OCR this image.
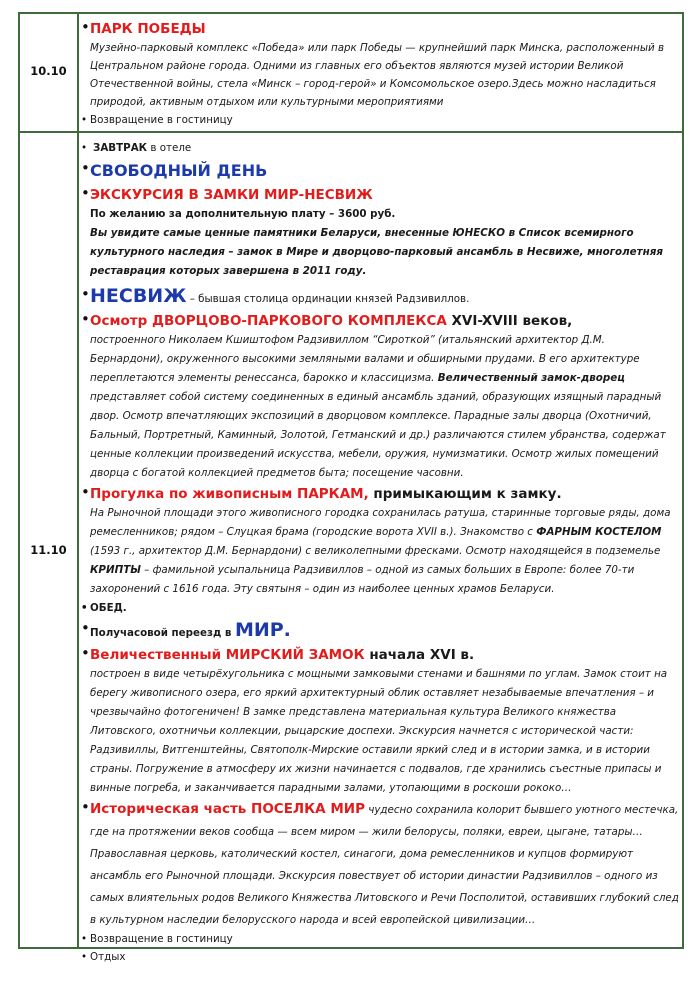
10.10
• ПАРК ПОБЕДЫ
Музейно-парковый комплекс «Победа» или парк Победы — крупнейший парк Минска, расположенный в Центральном районе города. Одними из главных его объектов являются музей истории Великой Отечественной войны, стела «Минск – город-герой» и Комсомольское озеро.Здесь можно насладиться природой, активным отдыхом или культурными мероприятиями
• Возвращение в гостиницу
11.10
• ЗАВТРАК в отеле
• СВОБОДНЫЙ ДЕНЬ
• ЭКСКУРСИЯ В ЗАМКИ МИР-НЕСВИЖ
По желанию за дополнительную плату – 3600 руб.
Вы увидите самые ценные памятники Беларуси, внесенные ЮНЕСКО в Список всемирного культурного наследия – замок в Мире и дворцово-парковый ансамбль в Несвиже, многолетняя реставрация которых завершена в 2011 году.
• НЕСВИЖ – бывшая столица ординации князей Радзивиллов.
• Осмотр ДВОРЦОВО-ПАРКОВОГО КОМПЛЕКСА XVI-XVIII веков,
построенного Николаем Кшиштофом Радзивиллом “Сироткой” (итальянский архитектор Д.М. Бернардони), окруженного высокими земляными валами и обширными прудами. В его архитектуре переплетаются элементы ренессанса, барокко и классицизма. Величественный замок-дворец представляет собой систему соединенных в единый ансамбль зданий, образующих изящный парадный двор. Осмотр впечатляющих экспозиций в дворцовом комплексе. Парадные залы дворца (Охотничий, Бальный, Портретный, Каминный, Золотой, Гетманский и др.) различаются стилем убранства, содержат ценные коллекции произведений искусства, мебели, оружия, нумизматики. Осмотр жилых помещений дворца с богатой коллекцией предметов быта; посещение часовни.
• Прогулка по живописным ПАРКАМ, примыкающим к замку.
На Рыночной площади этого живописного городка сохранилась ратуша, старинные торговые ряды, дома ремесленников; рядом – Слуцкая брама (городские ворота XVII в.). Знакомство с ФАРНЫМ КОСТЕЛОМ (1593 г., архитектор Д.М. Бернардони) с великолепными фресками. Осмотр находящейся в подземелье КРИПТЫ – фамильной усыпальница Радзивиллов – одной из самых больших в Европе: более 70-ти захоронений с 1616 года. Эту святыня – один из наиболее ценных храмов Беларуси.
• ОБЕД.
• Получасовой переезд в МИР.
• Величественный МИРСКИЙ ЗАМОК начала XVI в.
построен в виде четырёхугольника с мощными замковыми стенами и башнями по углам. Замок стоит на берегу живописного озера, его яркий архитектурный облик оставляет незабываемые впечатления – и чрезвычайно фотогеничен! В замке представлена материальная культура Великого княжества Литовского, охотничьи коллекции, рыцарские доспехи. Экскурсия начнется с исторической части: Радзивиллы, Витгенштейны, Святополк-Мирские оставили яркий след и в истории замка, и в истории страны. Погружение в атмосферу их жизни начинается с подвалов, где хранились съестные припасы и винные погреба, и заканчивается парадными залами, утопающими в роскоши рококо…
• Историческая часть ПОСЕЛКА МИР чудесно сохранила колорит бывшего уютного местечка, где на протяжении веков сообща — всем миром — жили белорусы, поляки, евреи, цыгане, татары… Православная церковь, католический костел, синагоги, дома ремесленников и купцов формируют ансамбль его Рыночной площади. Экскурсия повествует об истории династии Радзивиллов – одного из самых влиятельных родов Великого Княжества Литовского и Речи Посполитой, оставивших глубокий след в культурном наследии белорусского народа и всей европейской цивилизации…
• Возвращение в гостиницу
• Отдых
